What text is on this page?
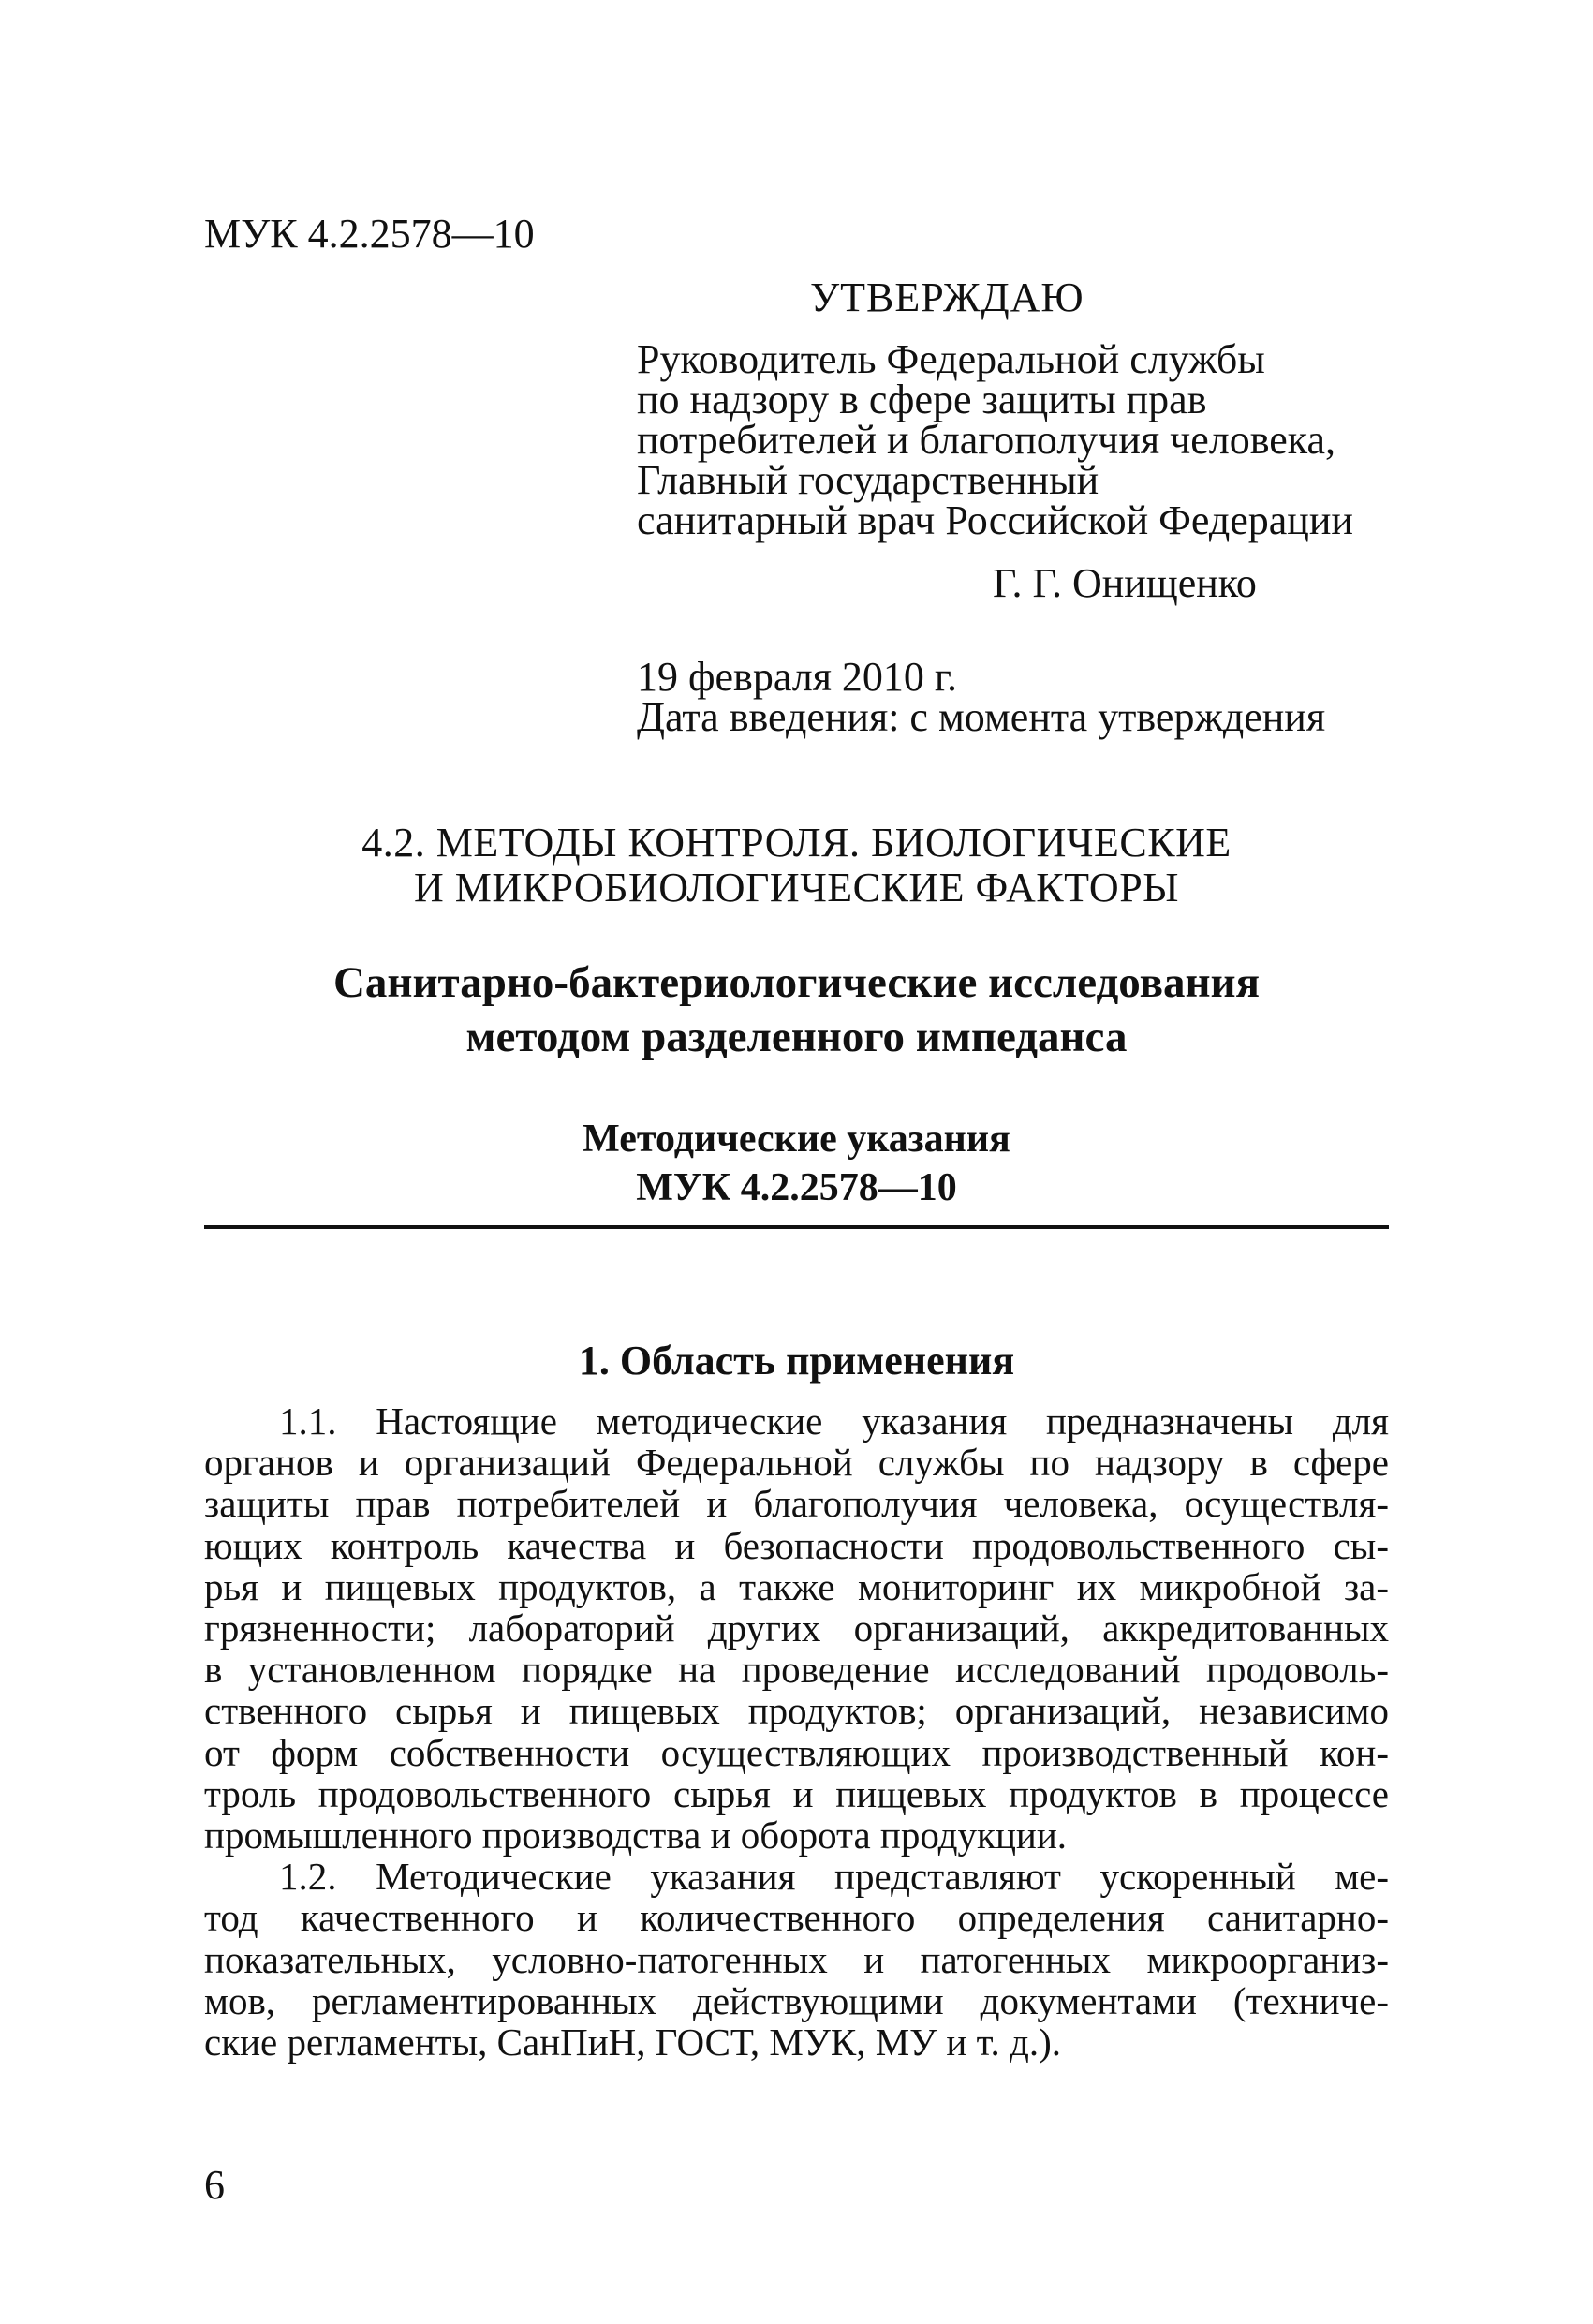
МУК 4.2.2578—10
УТВЕРЖДАЮ
Руководитель Федеральной службы
по надзору в сфере защиты прав
потребителей и благополучия человека,
Главный государственный
санитарный врач Российской Федерации
Г. Г. Онищенко
19 февраля 2010 г.
Дата введения: с момента утверждения
4.2. МЕТОДЫ КОНТРОЛЯ. БИОЛОГИЧЕСКИЕ
И МИКРОБИОЛОГИЧЕСКИЕ ФАКТОРЫ
Санитарно-бактериологические исследования
методом разделенного импеданса
Методические указания
МУК 4.2.2578—10
1. Область применения
1.1. Настоящие методические указания предназначены для
органов и организаций Федеральной службы по надзору в сфере
защиты прав потребителей и благополучия человека, осуществля-
ющих контроль качества и безопасности продовольственного сы-
рья и пищевых продуктов, а также мониторинг их микробной за-
грязненности; лабораторий других организаций, аккредитованных
в установленном порядке на проведение исследований продоволь-
ственного сырья и пищевых продуктов; организаций, независимо
от форм собственности осуществляющих производственный кон-
троль продовольственного сырья и пищевых продуктов в процессе
промышленного производства и оборота продукции.
1.2. Методические указания представляют ускоренный ме-
тод качественного и количественного определения санитарно-
показательных, условно-патогенных и патогенных микроорганиз-
мов, регламентированных действующими документами (техниче-
ские регламенты, СанПиН, ГОСТ, МУК, МУ и т. д.).
6
